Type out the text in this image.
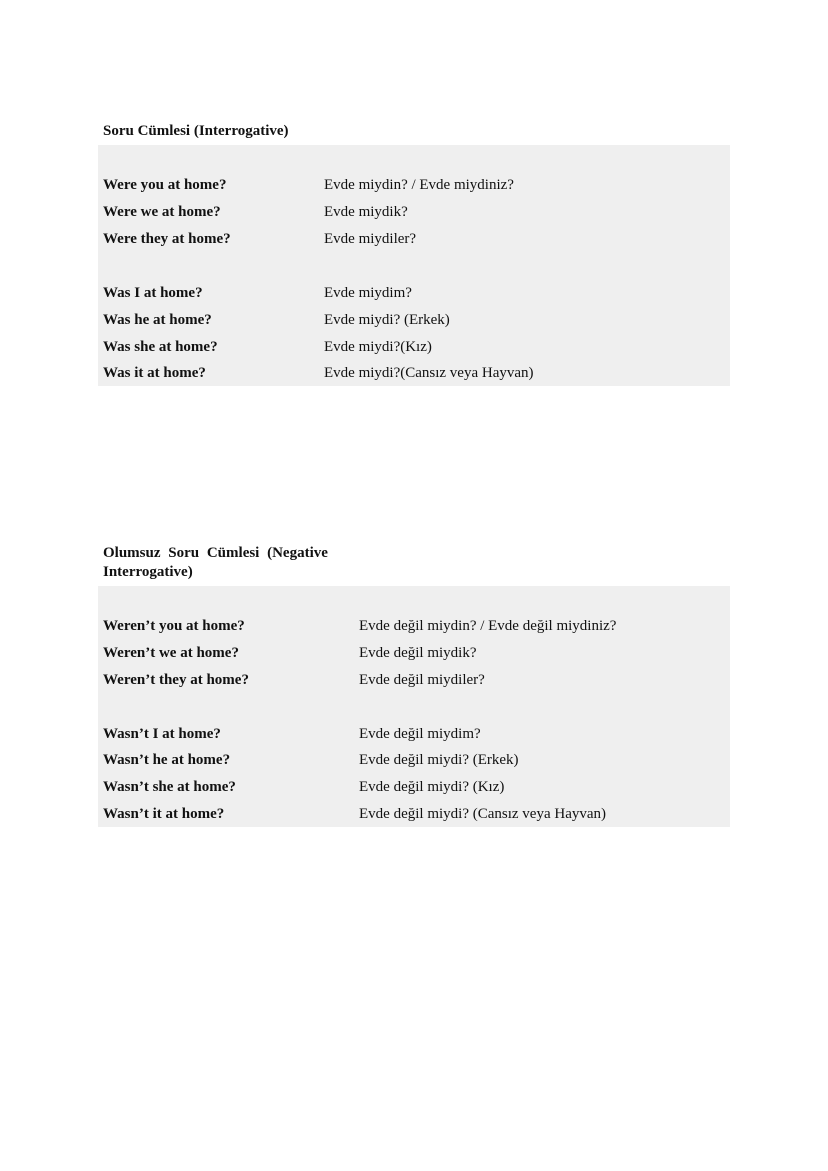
Soru Cümlesi (Interrogative)
Were you at home?	Evde miydin? / Evde miydiniz?
Were we at home?	Evde miydik?
Were they at home?	Evde miydiler?
Was I at home?	Evde miydim?
Was he at home?	Evde miydi? (Erkek)
Was she at home?	Evde miydi?(Kız)
Was it at home?	Evde miydi?(Cansız veya Hayvan)
Olumsuz Soru Cümlesi (Negative Interrogative)
Weren’t you at home?	Evde değil miydin? / Evde değil miydiniz?
Weren’t we at home?	Evde değil miydik?
Weren’t they at home?	Evde değil miydiler?
Wasn’t I at home?	Evde değil miydim?
Wasn’t he at home?	Evde değil miydi? (Erkek)
Wasn’t she at home?	Evde değil miydi? (Kız)
Wasn’t it at home?	Evde değil miydi? (Cansız veya Hayvan)
